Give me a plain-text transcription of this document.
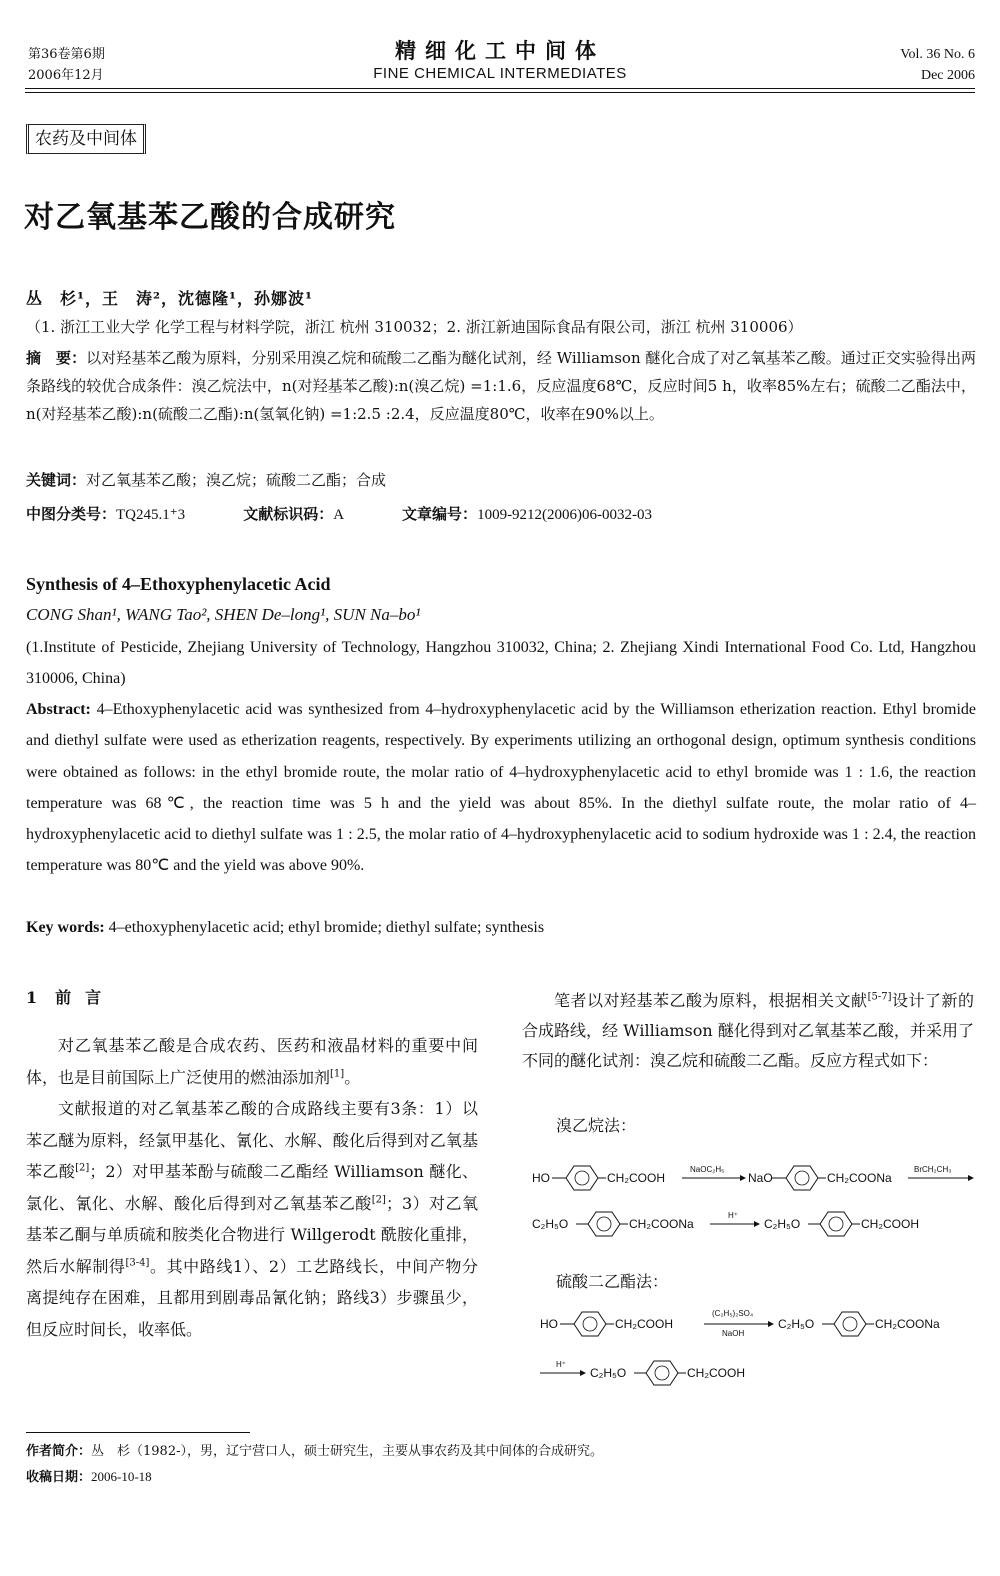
第36卷第6期
2006年12月
精细化工中间体
FINE CHEMICAL INTERMEDIATES
Vol. 36 No. 6
Dec 2006
农药及中间体
对乙氧基苯乙酸的合成研究
丛　杉¹，王　涛²，沈德隆¹，孙娜波¹
（1. 浙江工业大学 化学工程与材料学院，浙江 杭州 310032；2. 浙江新迪国际食品有限公司，浙江 杭州 310006）
摘　要：以对羟基苯乙酸为原料，分别采用溴乙烷和硫酸二乙酯为醚化试剂，经 Williamson 醚化合成了对乙氧基苯乙酸。通过正交实验得出两条路线的较优合成条件：溴乙烷法中，n(对羟基苯乙酸):n(溴乙烷) =1:1.6，反应温度68℃，反应时间5 h，收率85%左右；硫酸二乙酯法中，n(对羟基苯乙酸):n(硫酸二乙酯):n(氢氧化钠) =1:2.5 :2.4，反应温度80℃，收率在90%以上。
关键词：对乙氧基苯乙酸；溴乙烷；硫酸二乙酯；合成
中图分类号：TQ245.1⁺3	文献标识码：A	文章编号：1009-9212(2006)06-0032-03
Synthesis of 4–Ethoxyphenylacetic Acid
CONG Shan¹, WANG Tao², SHEN De–long¹, SUN Na–bo¹
(1.Institute of Pesticide, Zhejiang University of Technology, Hangzhou 310032, China; 2. Zhejiang Xindi International Food Co. Ltd, Hangzhou 310006, China)
Abstract: 4–Ethoxyphenylacetic acid was synthesized from 4–hydroxyphenylacetic acid by the Williamson etherization reaction. Ethyl bromide and diethyl sulfate were used as etherization reagents, respectively. By experiments utilizing an orthogonal design, optimum synthesis conditions were obtained as follows: in the ethyl bromide route, the molar ratio of 4–hydroxyphenylacetic acid to ethyl bromide was 1 : 1.6, the reaction temperature was 68℃, the reaction time was 5 h and the yield was about 85%. In the diethyl sulfate route, the molar ratio of 4–hydroxyphenylacetic acid to diethyl sulfate was 1 : 2.5, the molar ratio of 4–hydroxyphenylacetic acid to sodium hydroxide was 1 : 2.4, the reaction temperature was 80℃ and the yield was above 90%.
Key words: 4–ethoxyphenylacetic acid; ethyl bromide; diethyl sulfate; synthesis
1 前言

对乙氧基苯乙酸是合成农药、医药和液晶材料的重要中间体，也是目前国际上广泛使用的燃油添加剂[1]。

文献报道的对乙氧基苯乙酸的合成路线主要有3条：1）以苯乙醚为原料，经氯甲基化、氰化、水解、酸化后得到对乙氧基苯乙酸[2]；2）对甲基苯酚与硫酸二乙酯经 Williamson 醚化、氯化、氰化、水解、酸化后得到对乙氧基苯乙酸[2]；3）对乙氧基苯乙酮与单质硫和胺类化合物进行 Willgerodt 酰胺化重排，然后水解制得[3-4]。其中路线1）、2）工艺路线长，中间产物分离提纯存在困难，且都用到剧毒品氰化钠；路线3）步骤虽少，但反应时间长，收率低。

笔者以对羟基苯乙酸为原料，根据相关文献[5-7]设计了新的合成路线，经 Williamson 醚化得到对乙氧基苯乙酸，并采用了不同的醚化试剂：溴乙烷和硫酸二乙酯。反应方程式如下：

溴乙烷法：
HO	CH₂COOH
NaOC₂H₅
NaO	CH₂COONa
BrCH₂CH₃
C₂H₅O	CH₂COONa
H⁺
C₂H₅O	CH₂COOH
硫酸二乙酯法：
HO	CH₂COOH
(C₂H₅)₂SO₄
NaOH
C₂H₅O	CH₂COONa
H⁺
C₂H₅O	CH₂COOH
作者简介：丛　杉（1982-），男，辽宁营口人，硕士研究生，主要从事农药及其中间体的合成研究。
收稿日期：2006-10-18
